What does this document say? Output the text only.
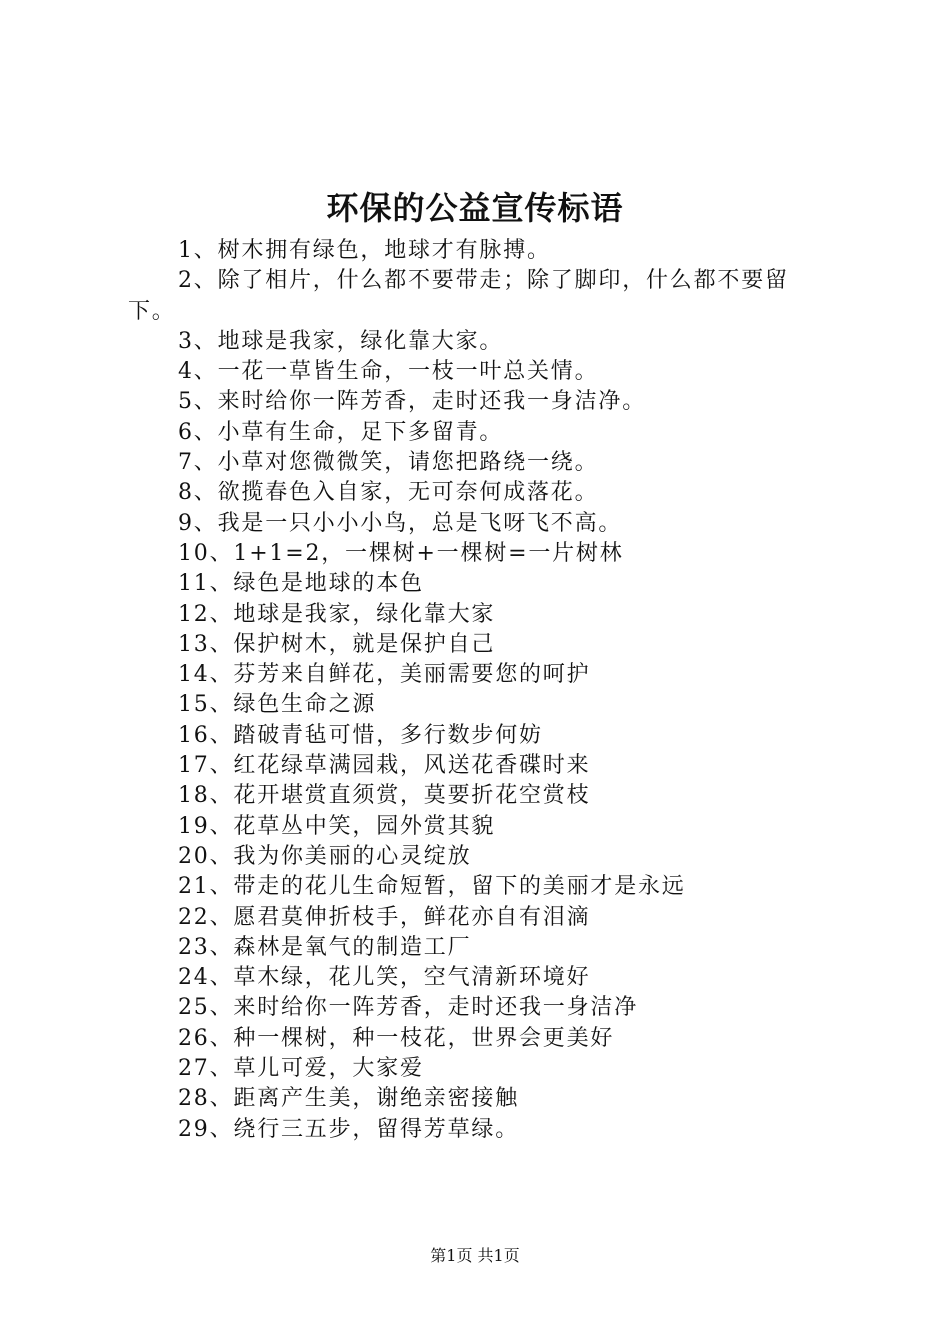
环保的公益宣传标语
1、树木拥有绿色，地球才有脉搏。
2、除了相片，什么都不要带走；除了脚印，什么都不要留下。
3、地球是我家，绿化靠大家。
4、一花一草皆生命，一枝一叶总关情。
5、来时给你一阵芳香，走时还我一身洁净。
6、小草有生命，足下多留青。
7、小草对您微微笑，请您把路绕一绕。
8、欲揽春色入自家，无可奈何成落花。
9、我是一只小小小鸟，总是飞呀飞不高。
10、1+1=2，一棵树+一棵树=一片树林
11、绿色是地球的本色
12、地球是我家，绿化靠大家
13、保护树木，就是保护自己
14、芬芳来自鲜花，美丽需要您的呵护
15、绿色生命之源
16、踏破青毡可惜，多行数步何妨
17、红花绿草满园栽，风送花香碟时来
18、花开堪赏直须赏，莫要折花空赏枝
19、花草丛中笑，园外赏其貌
20、我为你美丽的心灵绽放
21、带走的花儿生命短暂，留下的美丽才是永远
22、愿君莫伸折枝手，鲜花亦自有泪滴
23、森林是氧气的制造工厂
24、草木绿，花儿笑，空气清新环境好
25、来时给你一阵芳香，走时还我一身洁净
26、种一棵树，种一枝花，世界会更美好
27、草儿可爱，大家爱
28、距离产生美，谢绝亲密接触
29、绕行三五步，留得芳草绿。
第1页 共1页
